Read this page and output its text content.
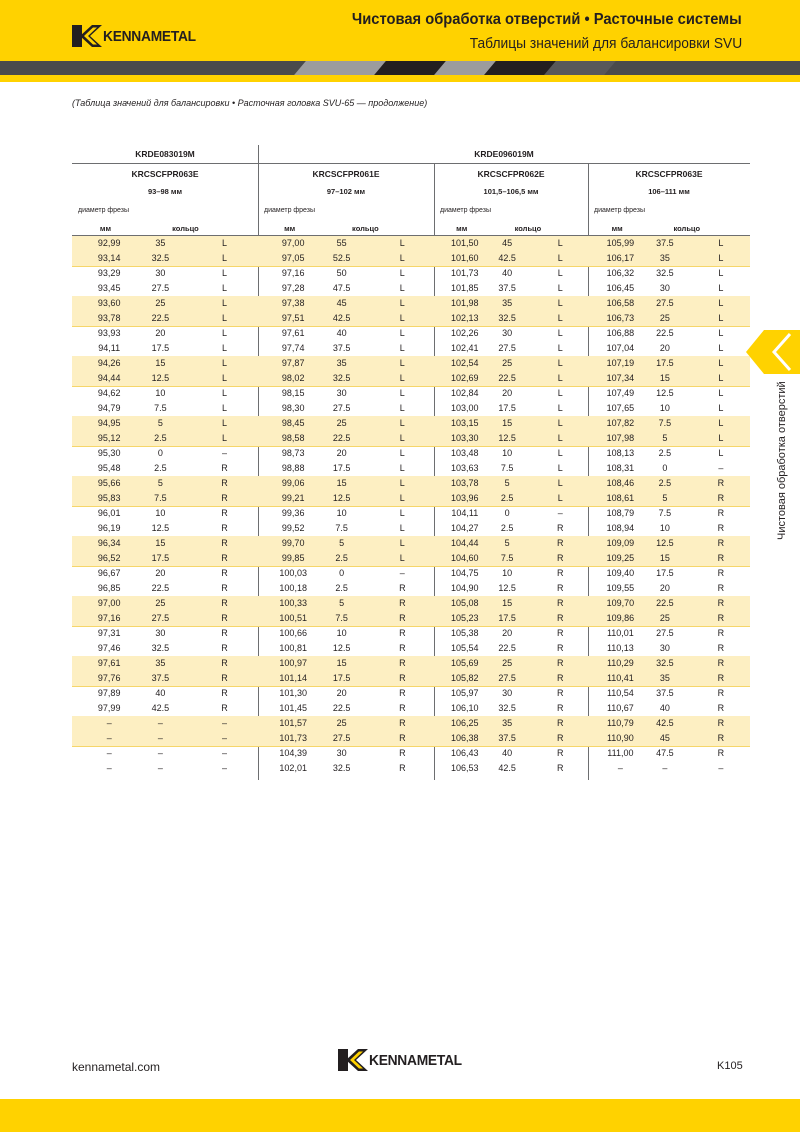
KENNAMETAL
Чистовая обработка отверстий • Расточные системы
Таблицы значений для балансировки SVU
(Таблица значений для балансировки • Расточная головка SVU-65 — продолжение)
KRDE083019M	KRDE096019M
KRCSCFPR063E
93–98 мм
диаметр фрезы
мм	кольцо
KRCSCFPR061E
97–102 мм
диаметр фрезы
мм	кольцо
KRCSCFPR062E
101,5–106,5 мм
диаметр фрезы
мм	кольцо
KRCSCFPR063E
106–111 мм
диаметр фрезы
мм	кольцо
92,99	35	L	97,00	55	L	101,50	45	L	105,99	37.5	L
93,14	32.5	L	97,05	52.5	L	101,60	42.5	L	106,17	35	L
93,29	30	L	97,16	50	L	101,73	40	L	106,32	32.5	L
93,45	27.5	L	97,28	47.5	L	101,85	37.5	L	106,45	30	L
93,60	25	L	97,38	45	L	101,98	35	L	106,58	27.5	L
93,78	22.5	L	97,51	42.5	L	102,13	32.5	L	106,73	25	L
93,93	20	L	97,61	40	L	102,26	30	L	106,88	22.5	L
94,11	17.5	L	97,74	37.5	L	102,41	27.5	L	107,04	20	L
94,26	15	L	97,87	35	L	102,54	25	L	107,19	17.5	L
94,44	12.5	L	98,02	32.5	L	102,69	22.5	L	107,34	15	L
94,62	10	L	98,15	30	L	102,84	20	L	107,49	12.5	L
94,79	7.5	L	98,30	27.5	L	103,00	17.5	L	107,65	10	L
94,95	5	L	98,45	25	L	103,15	15	L	107,82	7.5	L
95,12	2.5	L	98,58	22.5	L	103,30	12.5	L	107,98	5	L
95,30	0	–	98,73	20	L	103,48	10	L	108,13	2.5	L
95,48	2.5	R	98,88	17.5	L	103,63	7.5	L	108,31	0	–
95,66	5	R	99,06	15	L	103,78	5	L	108,46	2.5	R
95,83	7.5	R	99,21	12.5	L	103,96	2.5	L	108,61	5	R
96,01	10	R	99,36	10	L	104,11	0	–	108,79	7.5	R
96,19	12.5	R	99,52	7.5	L	104,27	2.5	R	108,94	10	R
96,34	15	R	99,70	5	L	104,44	5	R	109,09	12.5	R
96,52	17.5	R	99,85	2.5	L	104,60	7.5	R	109,25	15	R
96,67	20	R	100,03	0	–	104,75	10	R	109,40	17.5	R
96,85	22.5	R	100,18	2.5	R	104,90	12.5	R	109,55	20	R
97,00	25	R	100,33	5	R	105,08	15	R	109,70	22.5	R
97,16	27.5	R	100,51	7.5	R	105,23	17.5	R	109,86	25	R
97,31	30	R	100,66	10	R	105,38	20	R	110,01	27.5	R
97,46	32.5	R	100,81	12.5	R	105,54	22.5	R	110,13	30	R
97,61	35	R	100,97	15	R	105,69	25	R	110,29	32.5	R
97,76	37.5	R	101,14	17.5	R	105,82	27.5	R	110,41	35	R
97,89	40	R	101,30	20	R	105,97	30	R	110,54	37.5	R
97,99	42.5	R	101,45	22.5	R	106,10	32.5	R	110,67	40	R
–	–	–	101,57	25	R	106,25	35	R	110,79	42.5	R
–	–	–	101,73	27.5	R	106,38	37.5	R	110,90	45	R
–	–	–	104,39	30	R	106,43	40	R	111,00	47.5	R
–	–	–	102,01	32.5	R	106,53	42.5	R	–	–	–
Чистовая обработка отверстий
kennametal.com	KENNAMETAL	K105
